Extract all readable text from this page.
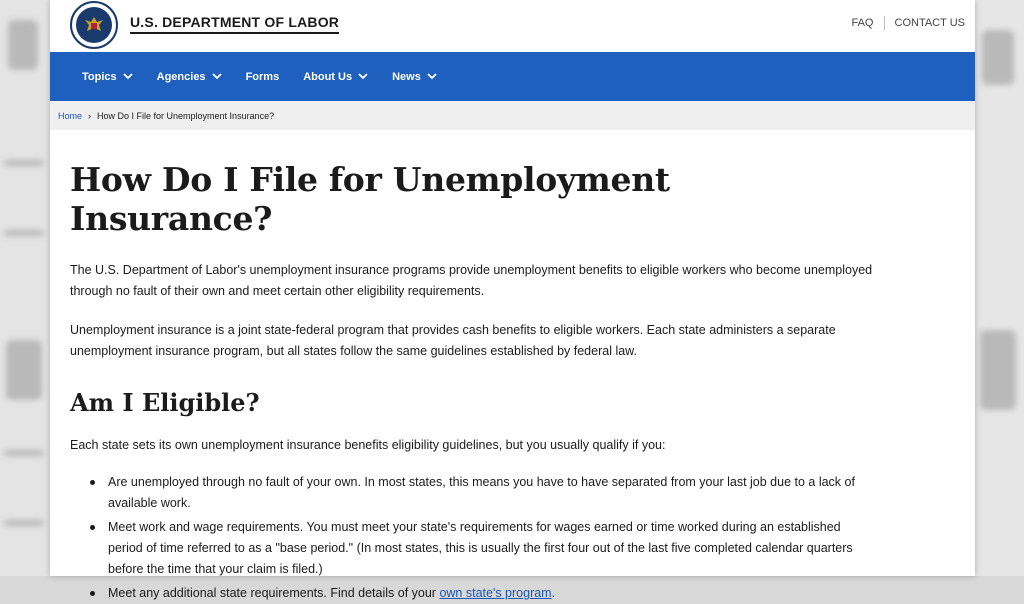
U.S. DEPARTMENT OF LABOR	FAQ CONTACT US
Topics	Agencies	Forms About Us	News
Home › How Do I File for Unemployment Insurance?
How Do I File for Unemployment Insurance?

The U.S. Department of Labor's unemployment insurance programs provide unemployment benefits to eligible workers who become unemployed through no fault of their own and meet certain other eligibility requirements.

Unemployment insurance is a joint state-federal program that provides cash benefits to eligible workers. Each state administers a separate unemployment insurance program, but all states follow the same guidelines established by federal law.

Am I Eligible?

Each state sets its own unemployment insurance benefits eligibility guidelines, but you usually qualify if you:

Are unemployed through no fault of your own. In most states, this means you have to have separated from your last job due to a lack of available work.
Meet work and wage requirements. You must meet your state's requirements for wages earned or time worked during an established period of time referred to as a "base period." (In most states, this is usually the first four out of the last five completed calendar quarters before the time that your claim is filed.)
Meet any additional state requirements. Find details of your own state's program.
